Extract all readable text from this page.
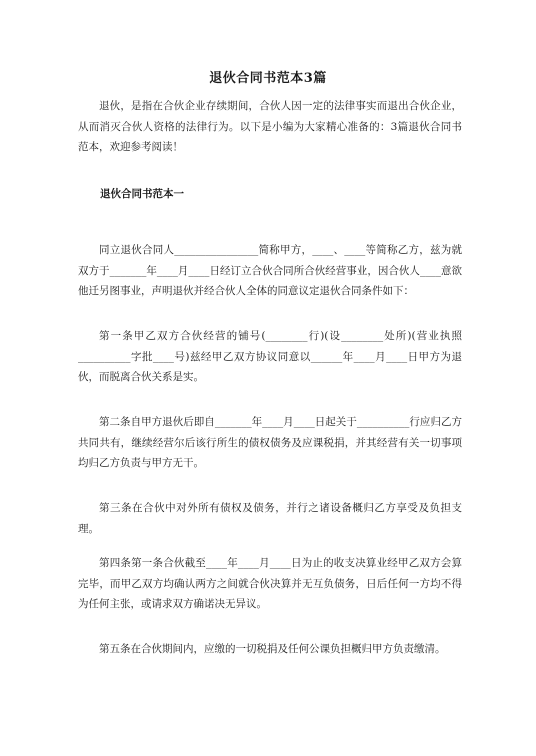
退伙合同书范本3篇

退伙，是指在合伙企业存续期间，合伙人因一定的法律事实而退出合伙企业，从而消灭合伙人资格的法律行为。以下是小编为大家精心准备的：3篇退伙合同书范本，欢迎参考阅读！

退伙合同书范本一

同立退伙合同人________________简称甲方，____、____等简称乙方，兹为就双方于_______年____月____日经订立合伙合同所合伙经营事业，因合伙人____意欲他迁另图事业，声明退伙并经合伙人全体的同意议定退伙合同条件如下：

第一条甲乙双方合伙经营的铺号(________行)(设________处所)(营业执照__________字批____号)兹经甲乙双方协议同意以______年____月____日甲方为退伙，而脱离合伙关系是实。

第二条自甲方退伙后即自_______年____月____日起关于__________行应归乙方共同共有，继续经营尔后该行所生的债权债务及应课税捐，并其经营有关一切事项均归乙方负责与甲方无干。

第三条在合伙中对外所有债权及债务，并行之诸设备概归乙方享受及负担支理。

第四条第一条合伙截至____年____月____日为止的收支决算业经甲乙双方会算完毕，而甲乙双方均确认两方之间就合伙决算并无互负债务，日后任何一方均不得为任何主张，或请求双方确诺决无异议。

第五条在合伙期间内，应缴的一切税捐及任何公课负担概归甲方负责缴清。
